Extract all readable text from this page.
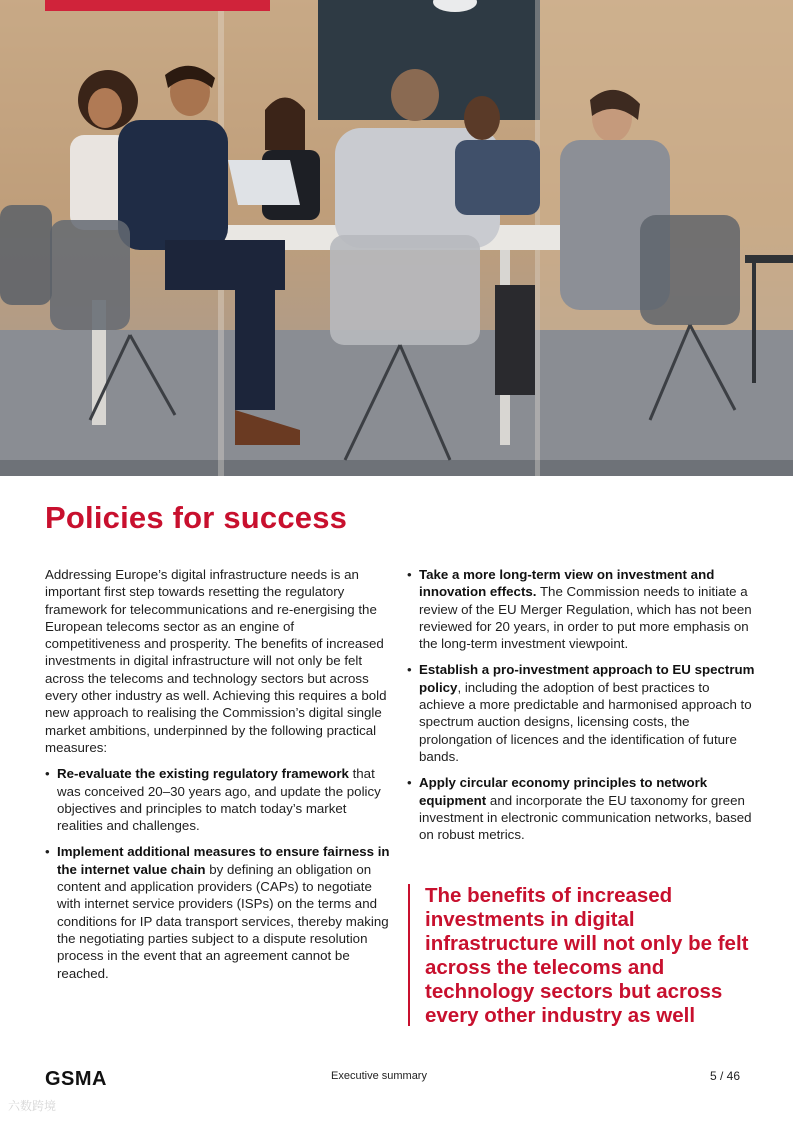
Policies for success

Addressing Europe’s digital infrastructure needs is an important first step towards resetting the regulatory framework for telecommunications and re-energising the European telecoms sector as an engine of competitiveness and prosperity. The benefits of increased investments in digital infrastructure will not only be felt across the telecoms and technology sectors but across every other industry as well. Achieving this requires a bold new approach to realising the Commission’s digital single market ambitions, underpinned by the following practical measures:

• Re-evaluate the existing regulatory framework that was conceived 20–30 years ago, and update the policy objectives and principles to match today’s market realities and challenges.
• Implement additional measures to ensure fairness in the internet value chain by defining an obligation on content and application providers (CAPs) to negotiate with internet service providers (ISPs) on the terms and conditions for IP data transport services, thereby making the negotiating parties subject to a dispute resolution process in the event that an agreement cannot be reached.
• Take a more long-term view on investment and innovation effects. The Commission needs to initiate a review of the EU Merger Regulation, which has not been reviewed for 20 years, in order to put more emphasis on the long-term investment viewpoint.
• Establish a pro-investment approach to EU spectrum policy, including the adoption of best practices to achieve a more predictable and harmonised approach to spectrum auction designs, licensing costs, the prolongation of licences and the identification of future bands.
• Apply circular economy principles to network equipment and incorporate the EU taxonomy for green investment in electronic communication networks, based on robust metrics.

The benefits of increased investments in digital infrastructure will not only be felt across the telecoms and technology sectors but across every other industry as well

GSMA	Executive summary	5 / 46
六数跨境
